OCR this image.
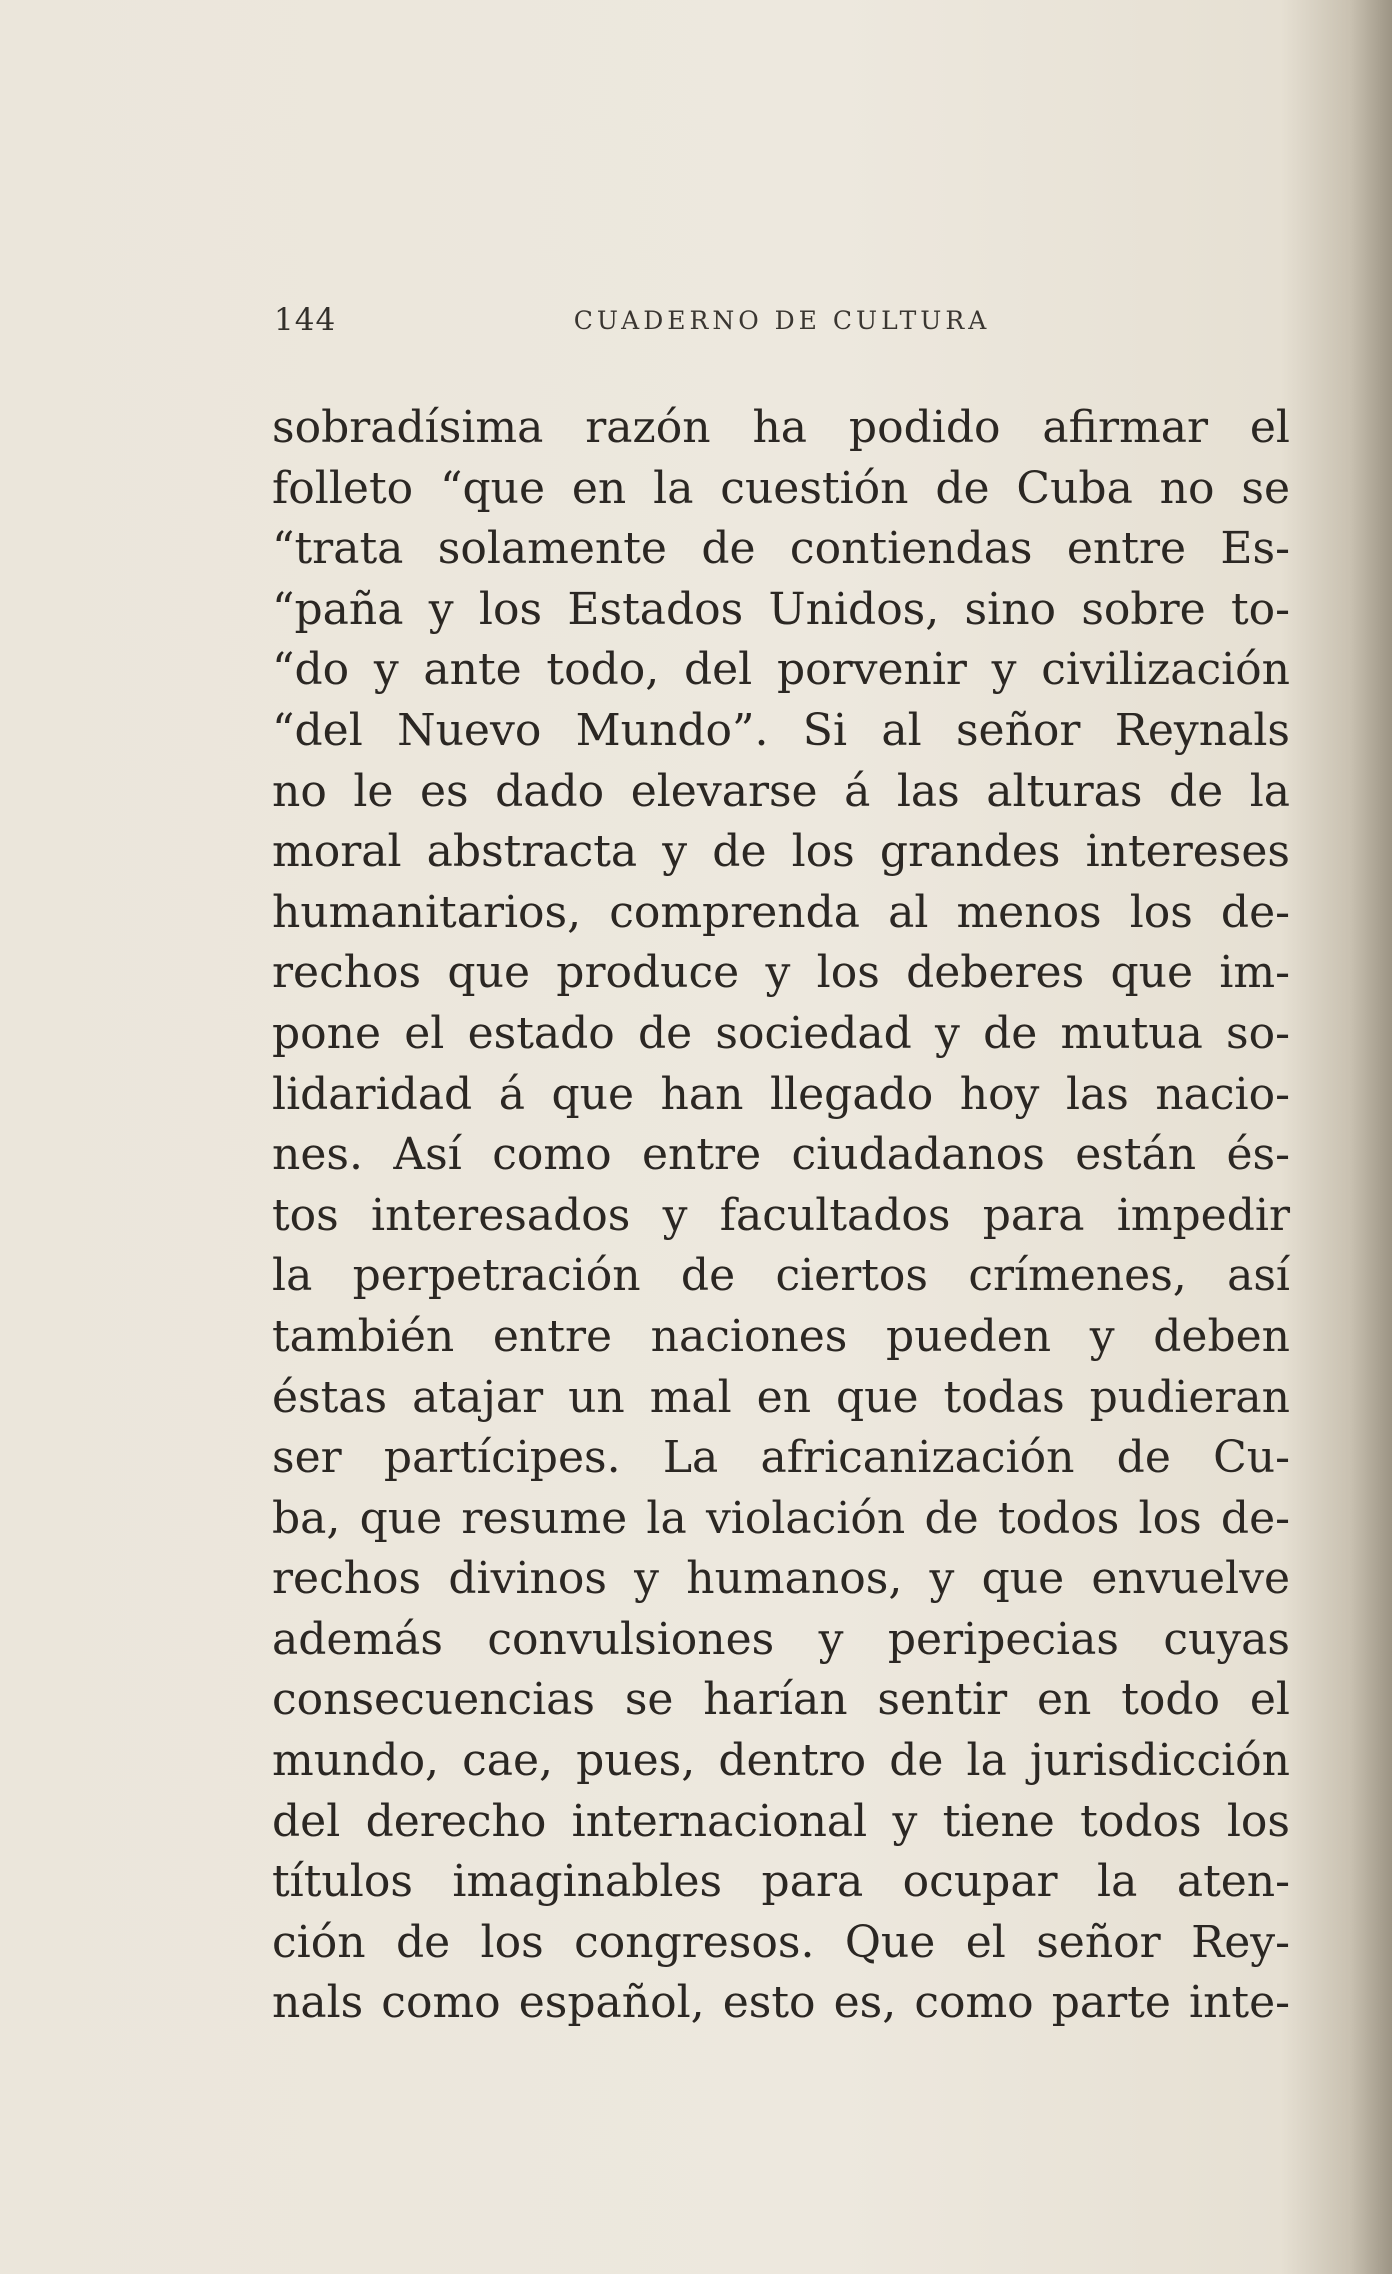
144	CUADERNO DE CULTURA
sobradísima razón ha podido afirmar el
folleto “que en la cuestión de Cuba no se
“trata solamente de contiendas entre Es-
“paña y los Estados Unidos, sino sobre to-
“do y ante todo, del porvenir y civilización
“del Nuevo Mundo”. Si al señor Reynals
no le es dado elevarse á las alturas de la
moral abstracta y de los grandes intereses
humanitarios, comprenda al menos los de-
rechos que produce y los deberes que im-
pone el estado de sociedad y de mutua so-
lidaridad á que han llegado hoy las nacio-
nes. Así como entre ciudadanos están és-
tos interesados y facultados para impedir
la perpetración de ciertos crímenes, así
también entre naciones pueden y deben
éstas atajar un mal en que todas pudieran
ser partícipes. La africanización de Cu-
ba, que resume la violación de todos los de-
rechos divinos y humanos, y que envuelve
además convulsiones y peripecias cuyas
consecuencias se harían sentir en todo el
mundo, cae, pues, dentro de la jurisdicción
del derecho internacional y tiene todos los
títulos imaginables para ocupar la aten-
ción de los congresos. Que el señor Rey-
nals como español, esto es, como parte inte-
